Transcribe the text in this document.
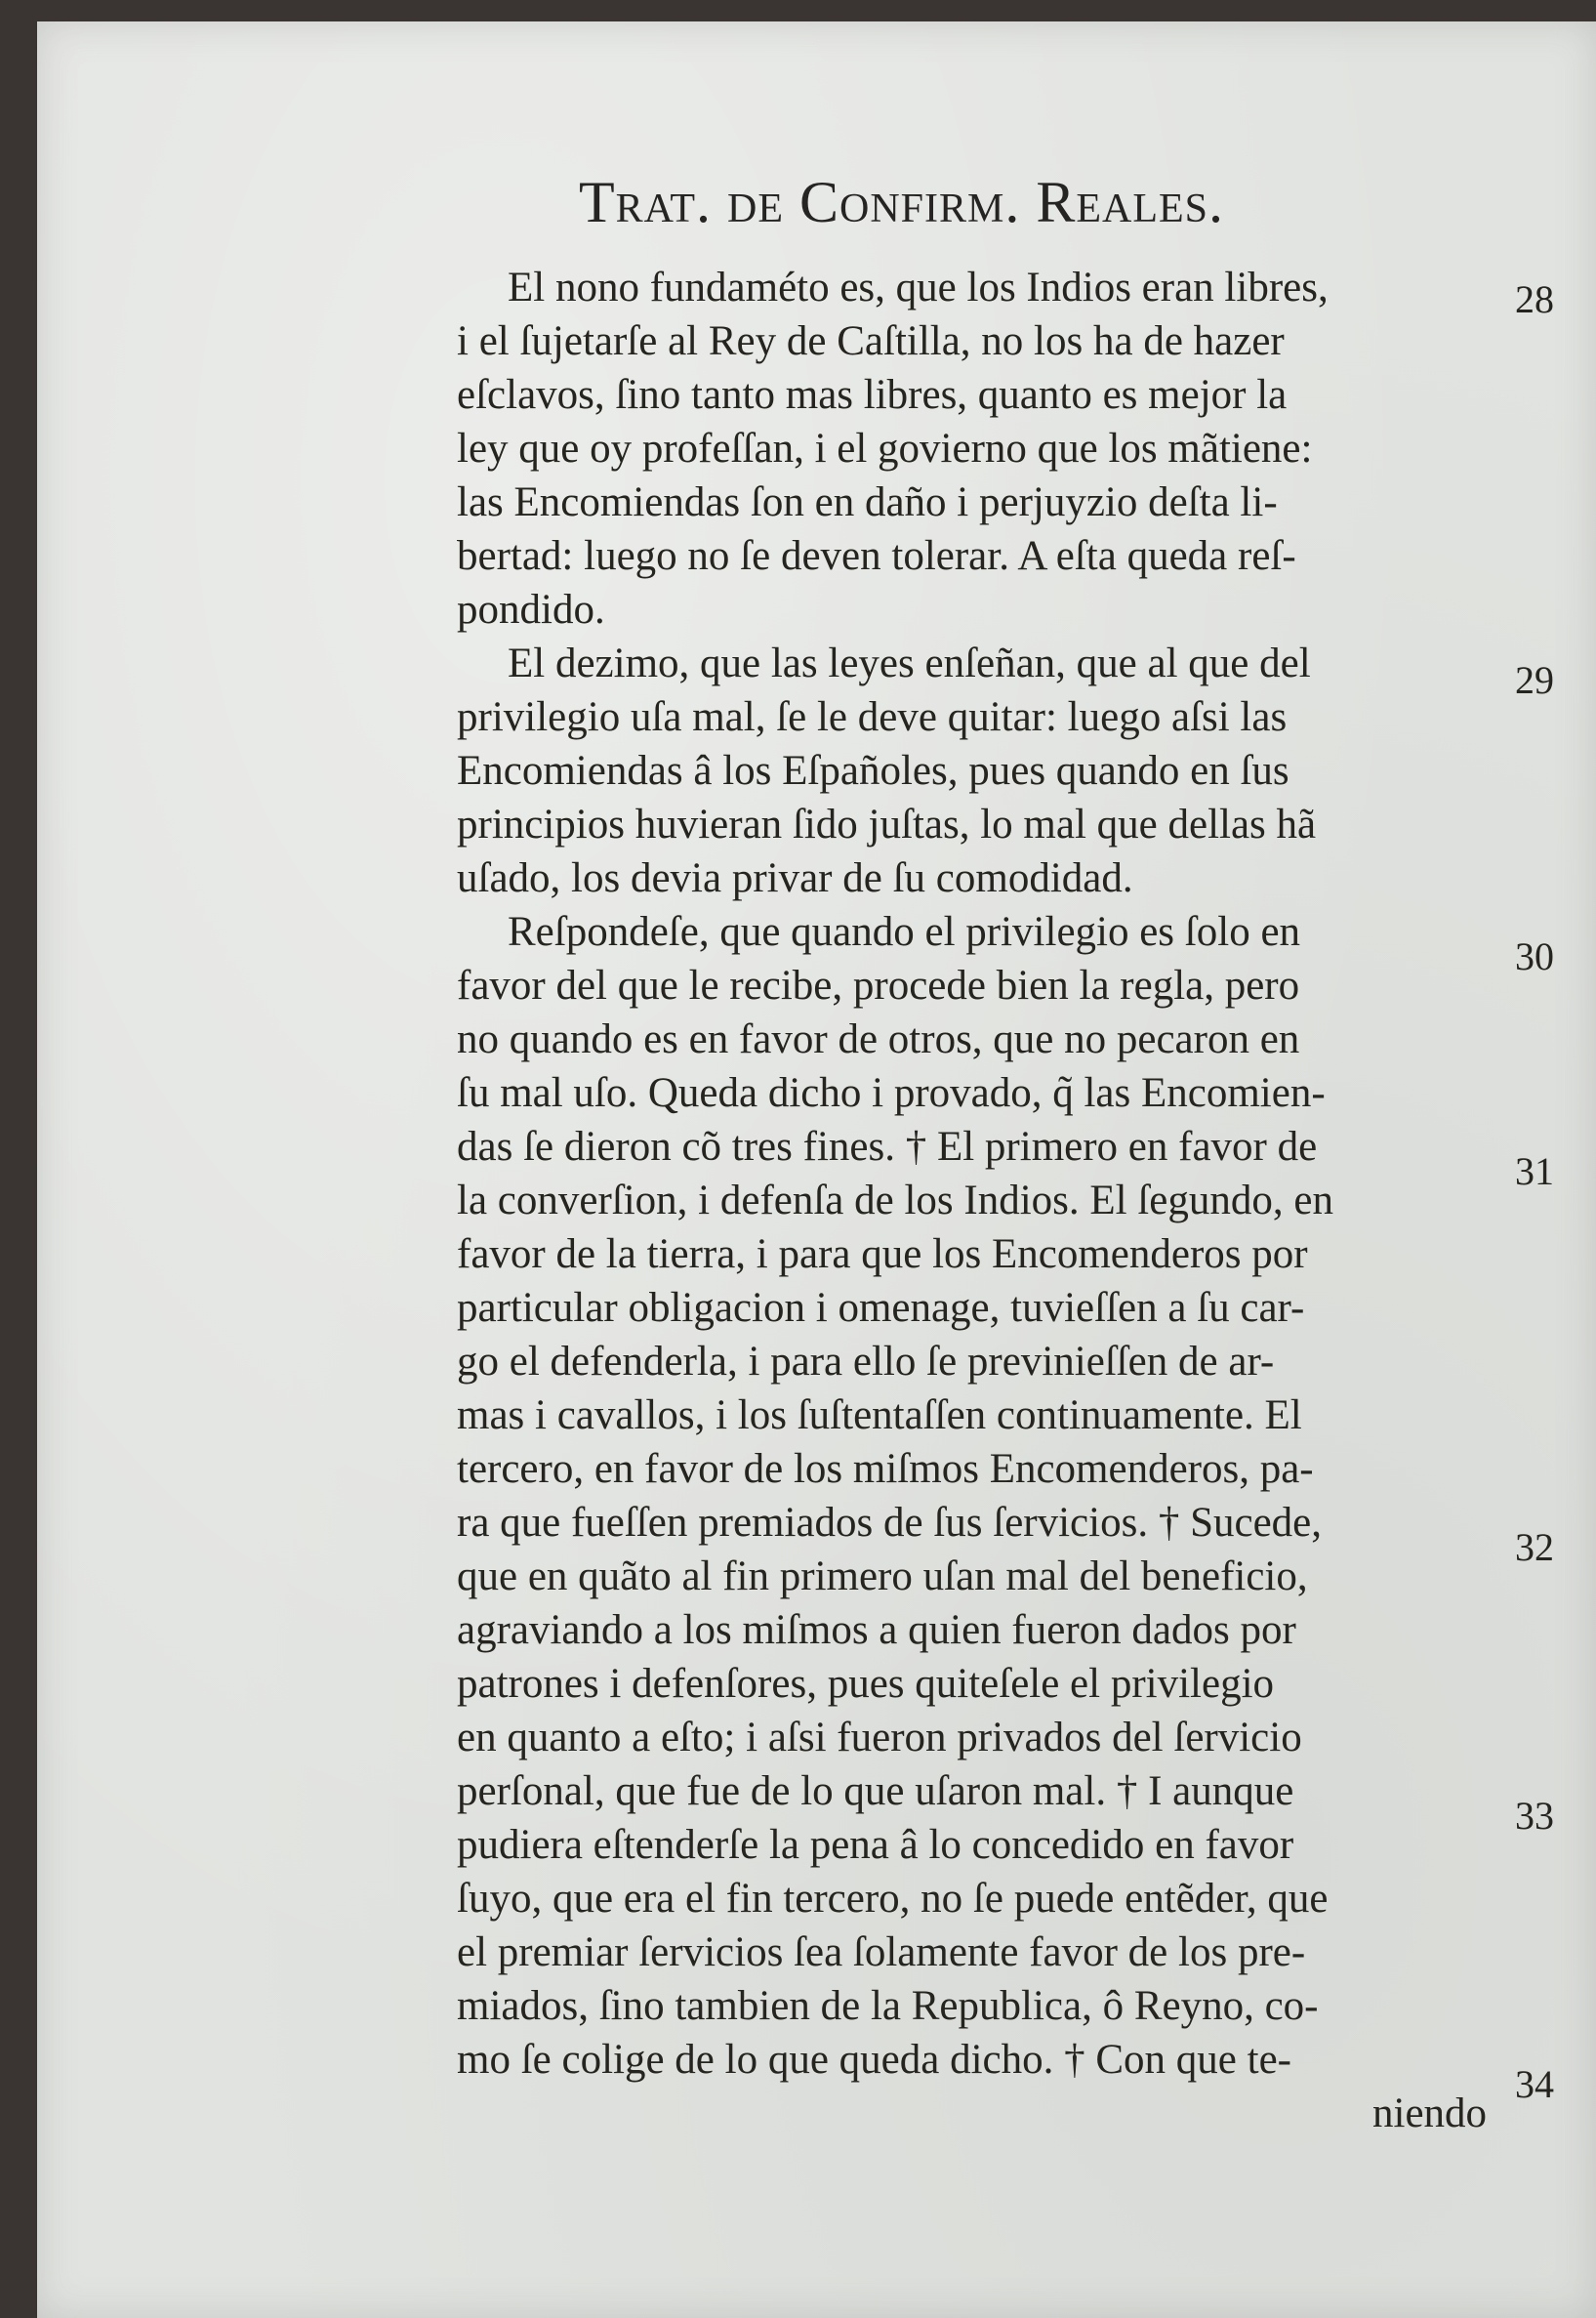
Trat. de Confirm. Reales.
El nono fundaméto es, que los Indios eran libres,
i el ſujetarſe al Rey de Caſtilla, no los ha de hazer
eſclavos, ſino tanto mas libres, quanto es mejor la
ley que oy profeſſan, i el govierno que los mãtiene:
las Encomiendas ſon en daño i perjuyzio deſta li-
bertad: luego no ſe deven tolerar. A eſta queda reſ-
pondido.
El dezimo, que las leyes enſeñan, que al que del
privilegio uſa mal, ſe le deve quitar: luego aſsi las
Encomiendas â los Eſpañoles, pues quando en ſus
principios huvieran ſido juſtas, lo mal que dellas hã
uſado, los devia privar de ſu comodidad.
Reſpondeſe, que quando el privilegio es ſolo en
favor del que le recibe, procede bien la regla, pero
no quando es en favor de otros, que no pecaron en
ſu mal uſo. Queda dicho i provado, q̃ las Encomien-
das ſe dieron cõ tres fines. † El primero en favor de
la converſion, i defenſa de los Indios. El ſegundo, en
favor de la tierra, i para que los Encomenderos por
particular obligacion i omenage, tuvieſſen a ſu car-
go el defenderla, i para ello ſe previnieſſen de ar-
mas i cavallos, i los ſuſtentaſſen continuamente. El
tercero, en favor de los miſmos Encomenderos, pa-
ra que fueſſen premiados de ſus ſervicios. † Sucede,
que en quãto al fin primero uſan mal del beneficio,
agraviando a los miſmos a quien fueron dados por
patrones i defenſores, pues quiteſele el privilegio
en quanto a eſto; i aſsi fueron privados del ſervicio
perſonal, que fue de lo que uſaron mal. † I aunque
pudiera eſtenderſe la pena â lo concedido en favor
ſuyo, que era el fin tercero, no ſe puede entẽder, que
el premiar ſervicios ſea ſolamente favor de los pre-
miados, ſino tambien de la Republica, ô Reyno, co-
mo ſe colige de lo que queda dicho. † Con que te-
niendo
28
29
30
31
32
33
34
